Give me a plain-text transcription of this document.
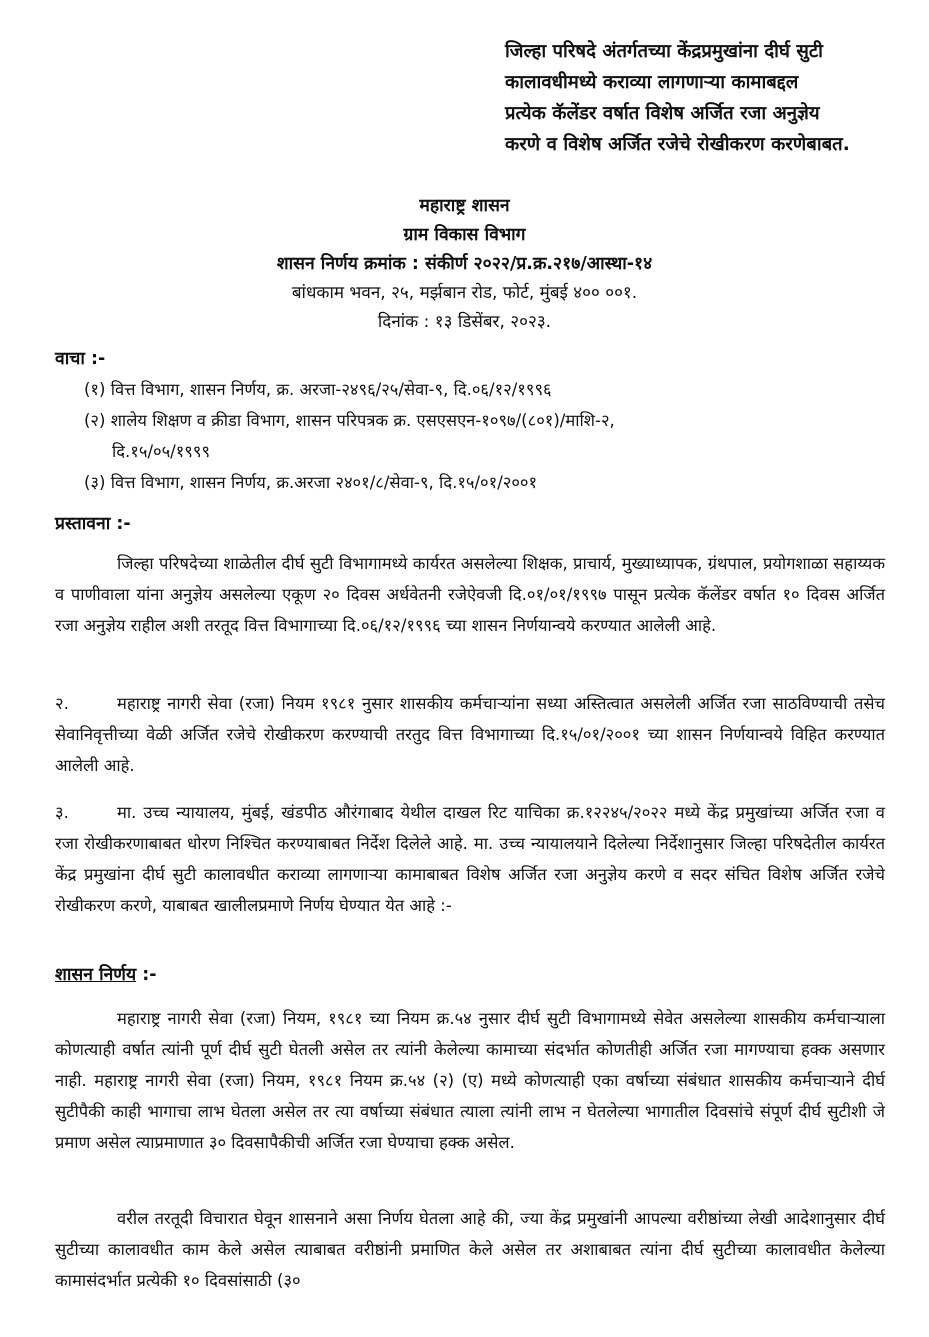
जिल्हा परिषदे अंतर्गतच्या केंद्रप्रमुखांना दीर्घ सुटी
कालावधीमध्ये कराव्या लागणाऱ्या कामाबद्दल
प्रत्येक कॅलेंडर वर्षात विशेष अर्जित रजा अनुज्ञेय
करणे व विशेष अर्जित रजेचे रोखीकरण करणेबाबत.
महाराष्ट्र शासन
ग्राम विकास विभाग
शासन निर्णय क्रमांक : संकीर्ण २०२२/प्र.क्र.२१७/आस्था-१४
बांधकाम भवन, २५, मर्झबान रोड, फोर्ट, मुंबई ४०० ००१.
दिनांक : १३ डिसेंबर, २०२३.
वाचा :-
(१) वित्त विभाग, शासन निर्णय, क्र. अरजा-२४९६/२५/सेवा-९, दि.०६/१२/१९९६
(२) शालेय शिक्षण व क्रीडा विभाग, शासन परिपत्रक क्र. एसएसएन-१०९७/(८०१)/माशि-२,
दि.१५/०५/१९९९
(३) वित्त विभाग, शासन निर्णय, क्र.अरजा २४०१/८/सेवा-९, दि.१५/०१/२००१
प्रस्तावना :-
जिल्हा परिषदेच्या शाळेतील दीर्घ सुटी विभागामध्ये कार्यरत असलेल्या शिक्षक, प्राचार्य, मुख्याध्यापक, ग्रंथपाल, प्रयोगशाळा सहाय्यक व पाणीवाला यांना अनुज्ञेय असलेल्या एकूण २० दिवस अर्धवेतनी रजेऐवजी दि.०१/०१/१९९७ पासून प्रत्येक कॅलेंडर वर्षात १० दिवस अर्जित रजा अनुज्ञेय राहील अशी तरतूद वित्त विभागाच्या दि.०६/१२/१९९६ च्या शासन निर्णयान्वये करण्यात आलेली आहे.
२.	महाराष्ट्र नागरी सेवा (रजा) नियम १९८१ नुसार शासकीय कर्मचाऱ्यांना सध्या अस्तित्वात असलेली अर्जित रजा साठविण्याची तसेच सेवानिवृत्तीच्या वेळी अर्जित रजेचे रोखीकरण करण्याची तरतुद वित्त विभागाच्या दि.१५/०१/२००१ च्या शासन निर्णयान्वये विहित करण्यात आलेली आहे.
३.	मा. उच्च न्यायालय, मुंबई, खंडपीठ औरंगाबाद येथील दाखल रिट याचिका क्र.१२२४५/२०२२ मध्ये केंद्र प्रमुखांच्या अर्जित रजा व रजा रोखीकरणाबाबत धोरण निश्चित करण्याबाबत निर्देश दिलेले आहे. मा. उच्च न्यायालयाने दिलेल्या निर्देशानुसार जिल्हा परिषदेतील कार्यरत केंद्र प्रमुखांना दीर्घ सुटी कालावधीत कराव्या लागणाऱ्या कामाबाबत विशेष अर्जित रजा अनुज्ञेय करणे व सदर संचित विशेष अर्जित रजेचे रोखीकरण करणे, याबाबत खालीलप्रमाणे निर्णय घेण्यात येत आहे :-
शासन निर्णय :-
महाराष्ट्र नागरी सेवा (रजा) नियम, १९८१ च्या नियम क्र.५४ नुसार दीर्घ सुटी विभागामध्ये सेवेत असलेल्या शासकीय कर्मचाऱ्याला कोणत्याही वर्षात त्यांनी पूर्ण दीर्घ सुटी घेतली असेल तर त्यांनी केलेल्या कामाच्या संदर्भात कोणतीही अर्जित रजा मागण्याचा हक्क असणार नाही. महाराष्ट्र नागरी सेवा (रजा) नियम, १९८१ नियम क्र.५४ (२) (ए) मध्ये कोणत्याही एका वर्षाच्या संबंधात शासकीय कर्मचाऱ्याने दीर्घ सुटीपैकी काही भागाचा लाभ घेतला असेल तर त्या वर्षाच्या संबंधात त्याला त्यांनी लाभ न घेतलेल्या भागातील दिवसांचे संपूर्ण दीर्घ सुटीशी जे प्रमाण असेल त्याप्रमाणात ३० दिवसापैकीची अर्जित रजा घेण्याचा हक्क असेल.
वरील तरतूदी विचारात घेवून शासनाने असा निर्णय घेतला आहे की, ज्या केंद्र प्रमुखांनी आपल्या वरीष्ठांच्या लेखी आदेशानुसार दीर्घ सुटीच्या कालावधीत काम केले असेल त्याबाबत वरीष्ठांनी प्रमाणित केले असेल तर अशाबाबत त्यांना दीर्घ सुटीच्या कालावधीत केलेल्या कामासंदर्भात प्रत्येकी १० दिवसांसाठी (३०
